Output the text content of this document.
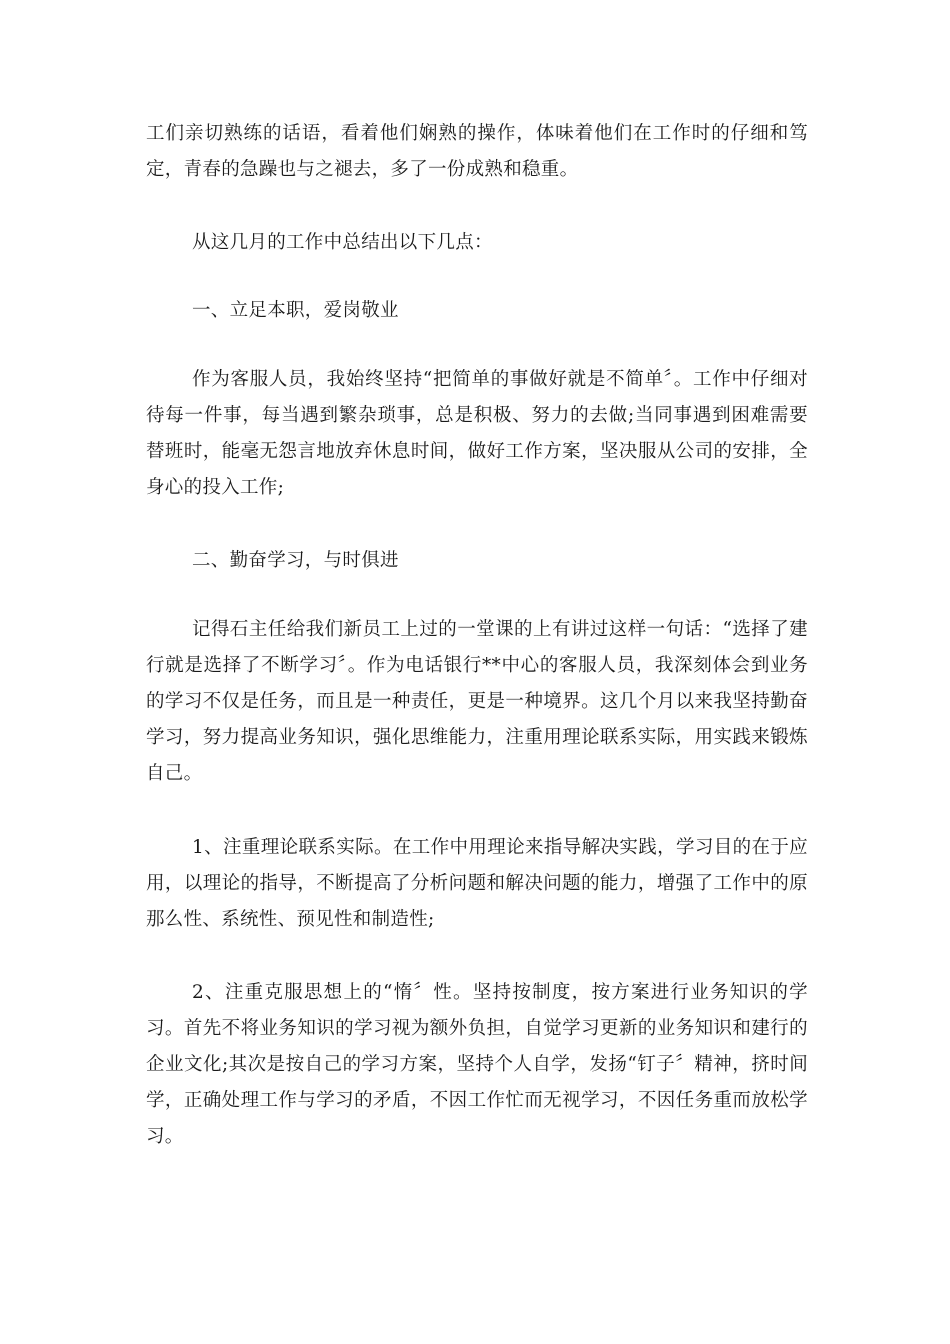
工们亲切熟练的话语，看着他们娴熟的操作，体味着他们在工作时的仔细和笃定，青春的急躁也与之褪去，多了一份成熟和稳重。

从这几月的工作中总结出以下几点：

一、立足本职，爱岗敬业

作为客服人员，我始终坚持“把简单的事做好就是不简单〞。工作中仔细对待每一件事，每当遇到繁杂琐事，总是积极、努力的去做;当同事遇到困难需要替班时，能毫无怨言地放弃休息时间，做好工作方案，坚决服从公司的安排，全身心的投入工作;

二、勤奋学习，与时俱进

记得石主任给我们新员工上过的一堂课的上有讲过这样一句话：“选择了建行就是选择了不断学习〞。作为电话银行**中心的客服人员，我深刻体会到业务的学习不仅是任务，而且是一种责任，更是一种境界。这几个月以来我坚持勤奋学习，努力提高业务知识，强化思维能力，注重用理论联系实际，用实践来锻炼自己。

1、注重理论联系实际。在工作中用理论来指导解决实践，学习目的在于应用，以理论的指导，不断提高了分析问题和解决问题的能力，增强了工作中的原那么性、系统性、预见性和制造性;

2、注重克服思想上的“惰〞性。坚持按制度，按方案进行业务知识的学习。首先不将业务知识的学习视为额外负担，自觉学习更新的业务知识和建行的企业文化;其次是按自己的学习方案，坚持个人自学，发扬“钉子〞精神，挤时间学，正确处理工作与学习的矛盾，不因工作忙而无视学习，不因任务重而放松学习。
